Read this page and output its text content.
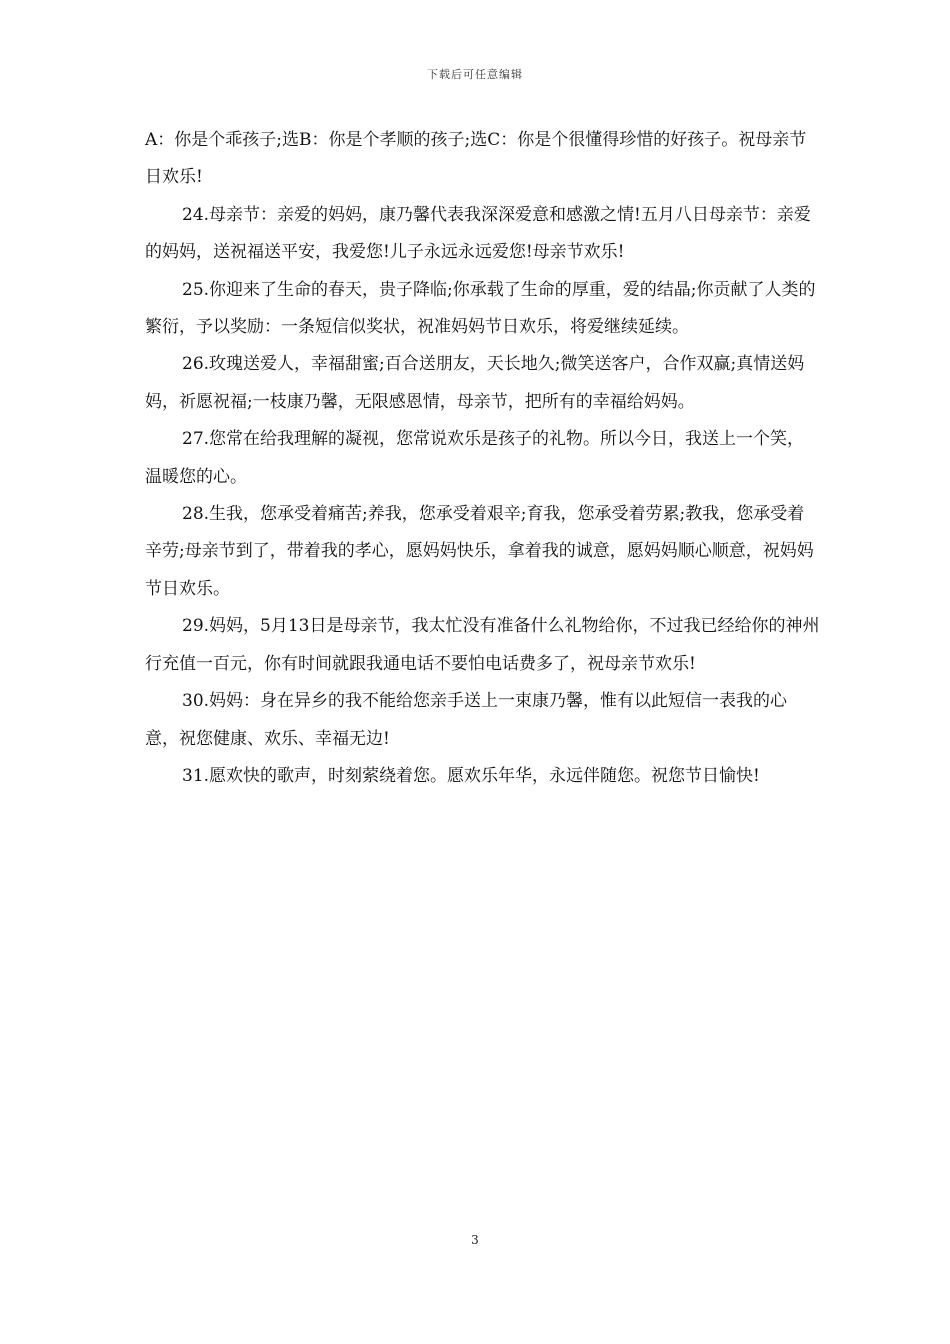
下载后可任意编辑

A：你是个乖孩子;选B：你是个孝顺的孩子;选C：你是个很懂得珍惜的好孩子。祝母亲节日欢乐!

24.母亲节：亲爱的妈妈，康乃馨代表我深深爱意和感激之情!五月八日母亲节：亲爱的妈妈，送祝福送平安，我爱您!儿子永远永远爱您!母亲节欢乐!

25.你迎来了生命的春天，贵子降临;你承载了生命的厚重，爱的结晶;你贡献了人类的繁衍，予以奖励：一条短信似奖状，祝准妈妈节日欢乐，将爱继续延续。

26.玫瑰送爱人，幸福甜蜜;百合送朋友，天长地久;微笑送客户，合作双赢;真情送妈妈，祈愿祝福;一枝康乃馨，无限感恩情，母亲节，把所有的幸福给妈妈。

27.您常在给我理解的凝视，您常说欢乐是孩子的礼物。所以今日，我送上一个笑，温暖您的心。

28.生我，您承受着痛苦;养我，您承受着艰辛;育我，您承受着劳累;教我，您承受着辛劳;母亲节到了，带着我的孝心，愿妈妈快乐，拿着我的诚意，愿妈妈顺心顺意，祝妈妈节日欢乐。

29.妈妈，5月13日是母亲节，我太忙没有准备什么礼物给你，不过我已经给你的神州行充值一百元，你有时间就跟我通电话不要怕电话费多了，祝母亲节欢乐!

30.妈妈：身在异乡的我不能给您亲手送上一束康乃馨，惟有以此短信一表我的心意，祝您健康、欢乐、幸福无边!

31.愿欢快的歌声，时刻萦绕着您。愿欢乐年华，永远伴随您。祝您节日愉快!

3
